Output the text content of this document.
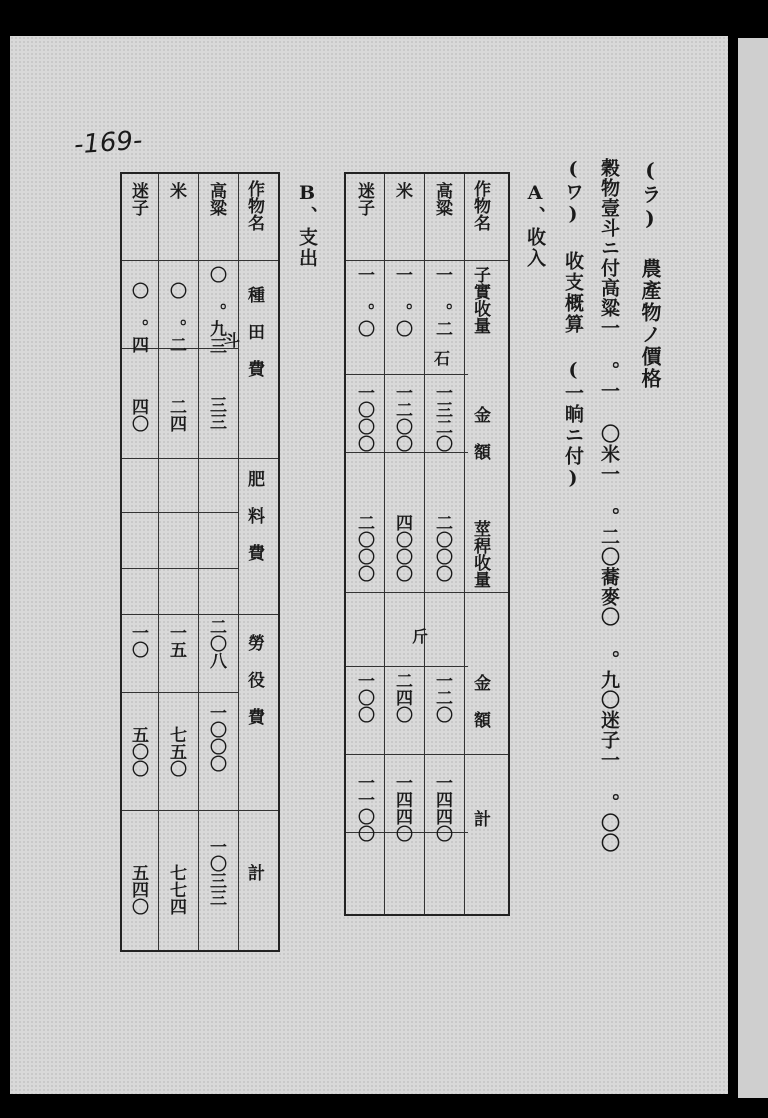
-169-
(ラ) 農產物ノ價格
穀物壹斗ニ付高粱一 。一 〇米一 。二〇蕎麥〇 。九〇迷子一 。〇〇
(ワ) 收支概算 (一晌ニ付)
A、收入
B、支出	作物名
子實收量
金 額
莖稈收量
金 額
計
高粱
一 。二
一三二〇
二〇〇〇
一二〇
一四四〇
米
一 。〇
一二〇〇
四〇〇〇
二四〇
一四四〇
迷子
一 。〇
一〇〇〇
二〇〇〇
一〇〇
一一〇〇
石
斤
作物名
種 田 費
肥 料 費
勞 役 費
計
高粱
〇 。九三
三三
二〇八
一〇〇〇
一〇三三
米
〇 。二
二四
一五
七五〇
七七四
迷子
〇 。四
四〇
一〇
五〇〇
五四〇
斗
